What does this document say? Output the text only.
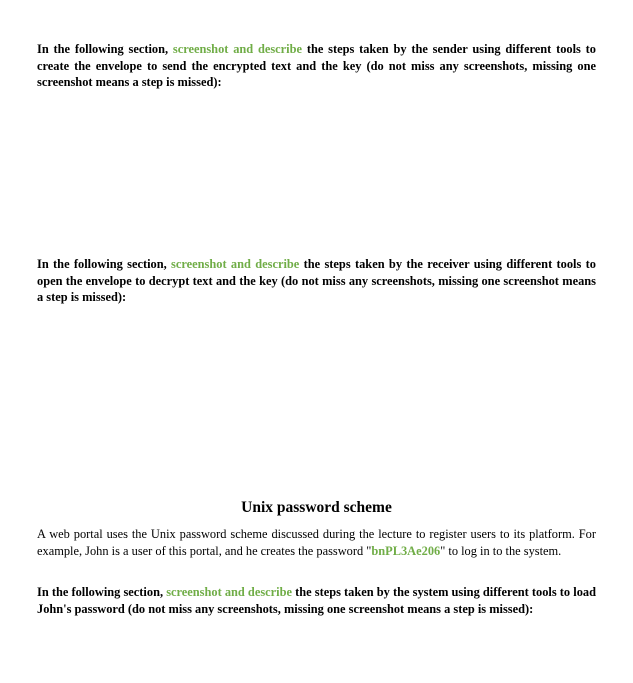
In the following section, screenshot and describe the steps taken by the sender using different tools to create the envelope to send the encrypted text and the key (do not miss any screenshots, missing one screenshot means a step is missed):

In the following section, screenshot and describe the steps taken by the receiver using different tools to open the envelope to decrypt text and the key (do not miss any screenshots, missing one screenshot means a step is missed):

Unix password scheme

A web portal uses the Unix password scheme discussed during the lecture to register users to its platform. For example, John is a user of this portal, and he creates the password "bnPL3Ae206" to log in to the system.

In the following section, screenshot and describe the steps taken by the system using different tools to load John's password (do not miss any screenshots, missing one screenshot means a step is missed):
